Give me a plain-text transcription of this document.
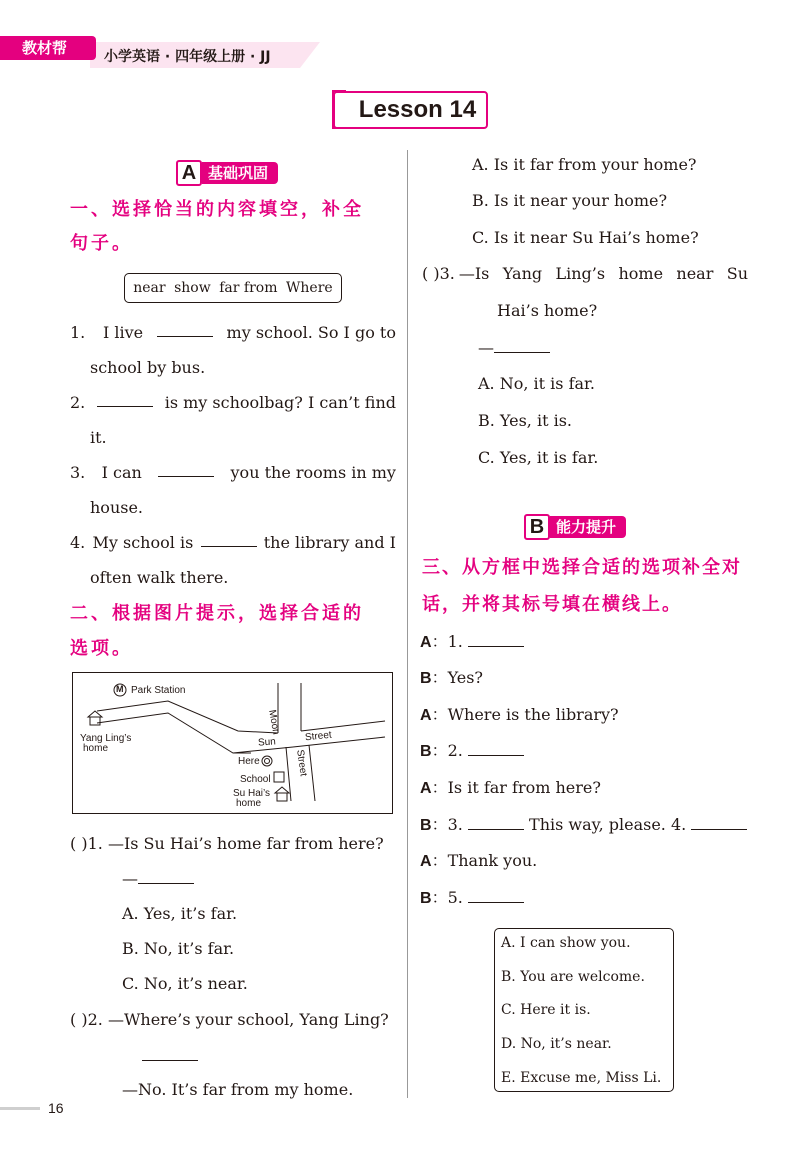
教材帮	小学英语 · 四年级上册 · JJ
Lesson 14
A 基础巩固
一、选择恰当的内容填空，补全
句子。
near show far from Where
1. I live	my school. So I go to
school by bus.
2.	is my schoolbag? I can’t find
it.
3. I can	you the rooms in my
house.
4. My school is	the library and I
often walk there.
二、根据图片提示，选择合适的
选项。
M Park Station
Yang Ling’s
home
Moon
Street
Sun
Street
Here
School
Su Hai’s
home
( )1. —Is Su Hai’s home far from here?
—
A. Yes, it’s far.
B. No, it’s far.
C. No, it’s near.
( )2. —Where’s your school, Yang Ling?
—No. It’s far from my home.
A. Is it far from your home?
B. Is it near your home?
C. Is it near Su Hai’s home?
( ) 3. —Is Yang Ling’s home near Su
Hai’s home?
—
A. No, it is far.
B. Yes, it is.
C. Yes, it is far.
B 能力提升
三、从方框中选择合适的选项补全对
话，并将其标号填在横线上。
A：1.
B：Yes?
A：Where is the library?
B：2.
A：Is it far from here?
B：3.	This way, please. 4.
A：Thank you.
B：5.
A. I can show you.
B. You are welcome.
C. Here it is.
D. No, it’s near.
E. Excuse me, Miss Li.
16
